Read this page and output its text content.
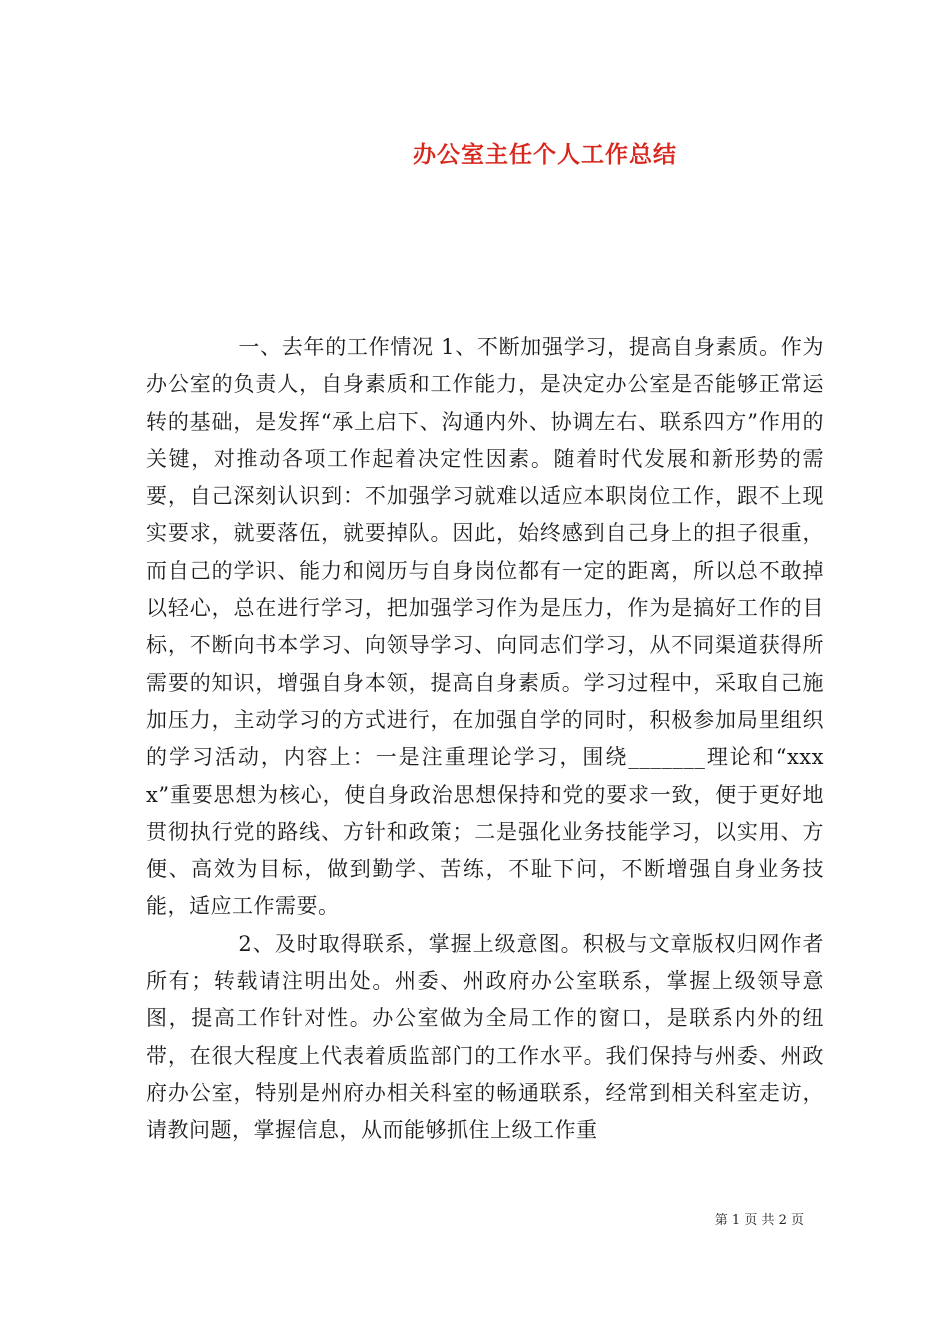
办公室主任个人工作总结

一、去年的工作情况 1、不断加强学习，提高自身素质。作为办公室的负责人，自身素质和工作能力，是决定办公室是否能够正常运转的基础，是发挥“承上启下、沟通内外、协调左右、联系四方”作用的关键，对推动各项工作起着决定性因素。随着时代发展和新形势的需要，自己深刻认识到：不加强学习就难以适应本职岗位工作，跟不上现实要求，就要落伍，就要掉队。因此，始终感到自己身上的担子很重，而自己的学识、能力和阅历与自身岗位都有一定的距离，所以总不敢掉以轻心，总在进行学习，把加强学习作为是压力，作为是搞好工作的目标，不断向书本学习、向领导学习、向同志们学习，从不同渠道获得所需要的知识，增强自身本领，提高自身素质。学习过程中，采取自己施加压力，主动学习的方式进行，在加强自学的同时，积极参加局里组织的学习活动，内容上：一是注重理论学习，围绕_______理论和“xxxx”重要思想为核心，使自身政治思想保持和党的要求一致，便于更好地贯彻执行党的路线、方针和政策；二是强化业务技能学习，以实用、方便、高效为目标，做到勤学、苦练，不耻下问，不断增强自身业务技能，适应工作需要。

2、及时取得联系，掌握上级意图。积极与文章版权归网作者所有；转载请注明出处。州委、州政府办公室联系，掌握上级领导意图，提高工作针对性。办公室做为全局工作的窗口，是联系内外的纽带，在很大程度上代表着质监部门的工作水平。我们保持与州委、州政府办公室，特别是州府办相关科室的畅通联系，经常到相关科室走访，请教问题，掌握信息，从而能够抓住上级工作重

第 1 页 共 2 页
